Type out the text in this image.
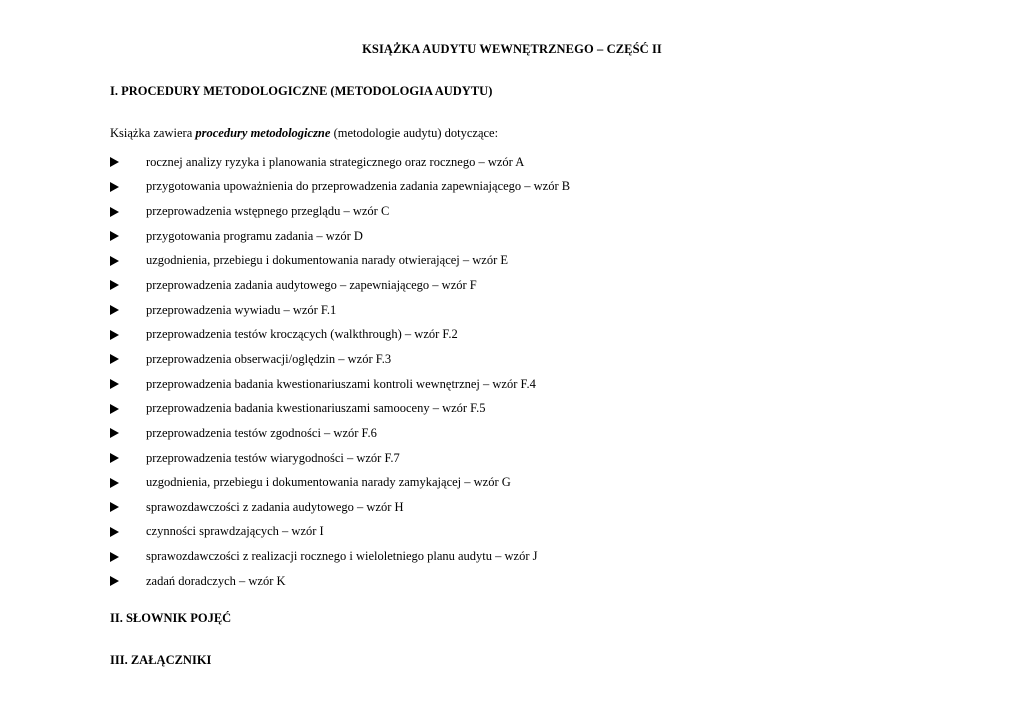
KSIĄŻKA AUDYTU WEWNĘTRZNEGO – CZĘŚĆ II
I. PROCEDURY METODOLOGICZNE (METODOLOGIA AUDYTU)
Książka zawiera procedury metodologiczne (metodologie audytu) dotyczące:
rocznej analizy ryzyka i planowania strategicznego oraz rocznego – wzór A
przygotowania upoważnienia do przeprowadzenia zadania zapewniającego – wzór B
przeprowadzenia wstępnego przeglądu – wzór C
przygotowania programu zadania – wzór D
uzgodnienia, przebiegu i dokumentowania narady otwierającej – wzór E
przeprowadzenia zadania audytowego – zapewniającego – wzór F
przeprowadzenia wywiadu – wzór F.1
przeprowadzenia testów kroczących (walkthrough) – wzór F.2
przeprowadzenia obserwacji/oględzin – wzór F.3
przeprowadzenia badania kwestionariuszami kontroli wewnętrznej – wzór F.4
przeprowadzenia badania kwestionariuszami samooceny – wzór F.5
przeprowadzenia testów zgodności – wzór F.6
przeprowadzenia testów wiarygodności – wzór F.7
uzgodnienia, przebiegu i dokumentowania narady zamykającej – wzór G
sprawozdawczości z zadania audytowego – wzór H
czynności sprawdzających – wzór I
sprawozdawczości z realizacji rocznego i wieloletniego planu audytu – wzór J
zadań doradczych – wzór K
II. SŁOWNIK POJĘĆ
III. ZAŁĄCZNIKI
